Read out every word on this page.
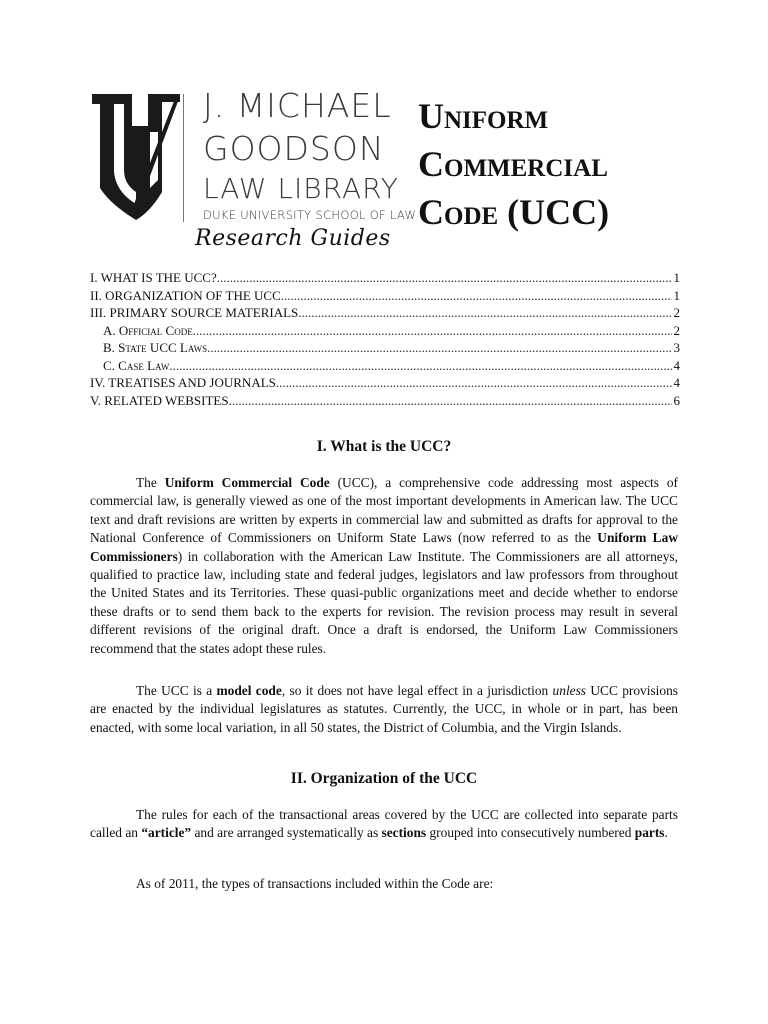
J. MICHAEL
GOODSON
LAW LIBRARY
DUKE UNIVERSITY SCHOOL OF LAW
Research Guides
Uniform
Commercial
Code (UCC)
I. WHAT IS THE UCC? .....	1
II. ORGANIZATION OF THE UCC .....	1
III. PRIMARY SOURCE MATERIALS .....	2
A. Official Code .....	2
B. State UCC Laws .....	3
C. Case Law .....	4
IV. TREATISES AND JOURNALS .....	4
V. RELATED WEBSITES .....	6
I. What is the UCC?
The Uniform Commercial Code (UCC), a comprehensive code addressing most aspects of commercial law, is generally viewed as one of the most important developments in American law. The UCC text and draft revisions are written by experts in commercial law and submitted as drafts for approval to the National Conference of Commissioners on Uniform State Laws (now referred to as the Uniform Law Commissioners) in collaboration with the American Law Institute. The Commissioners are all attorneys, qualified to practice law, including state and federal judges, legislators and law professors from throughout the United States and its Territories. These quasi-public organizations meet and decide whether to endorse these drafts or to send them back to the experts for revision. The revision process may result in several different revisions of the original draft. Once a draft is endorsed, the Uniform Law Commissioners recommend that the states adopt these rules.
The UCC is a model code, so it does not have legal effect in a jurisdiction unless UCC provisions are enacted by the individual legislatures as statutes. Currently, the UCC, in whole or in part, has been enacted, with some local variation, in all 50 states, the District of Columbia, and the Virgin Islands.
II. Organization of the UCC
The rules for each of the transactional areas covered by the UCC are collected into separate parts called an “article” and are arranged systematically as sections grouped into consecutively numbered parts.
As of 2011, the types of transactions included within the Code are:
